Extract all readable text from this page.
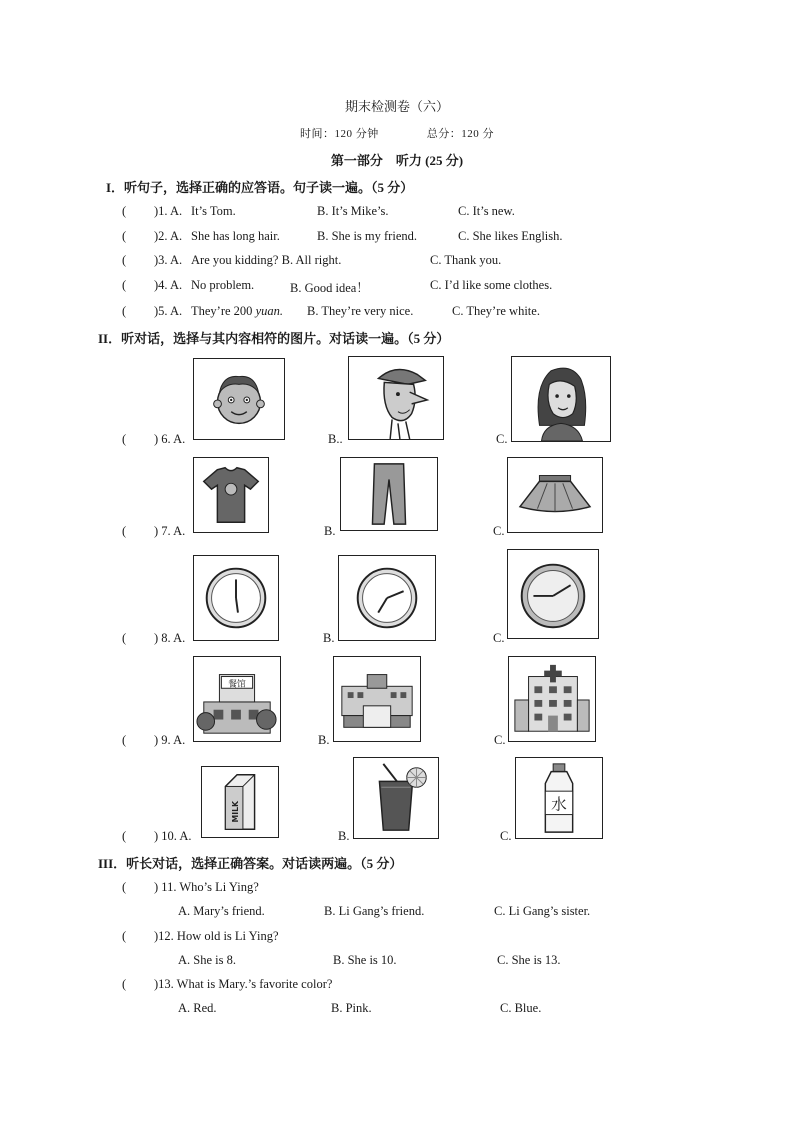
期末检测卷（六）
时间：120 分钟	总分：120 分
第一部分　听力 (25 分)
I．听句子，选择正确的应答语。句子读一遍。（5 分）
( )1. A. It’s Tom.	B. It’s Mike’s.	C. It’s new.
( )2. A. She has long hair.	B. She is my friend.	C. She likes English.
( )3. A. Are you kidding? B. All right.	C. Thank you.
( )4. A. No problem.	B. Good idea！	C. I’d like some clothes.
( )5. A. They’re 200 yuan. B. They’re very nice.	C. They’re white.
II．听对话，选择与其内容相符的图片。对话读一遍。（5 分）
( ) 6. A.	B..	C.
( ) 7. A.	B.	C.
( ) 8. A.	B.	C.
( ) 9. A.
餐馆
B.	C.
( ) 10. A.
MILK
B.	C.
水
III．听长对话，选择正确答案。对话读两遍。（5 分）
( ) 11. Who’s Li Ying?
A. Mary’s friend.	B. Li Gang’s friend.	C. Li Gang’s sister.
( )12. How old is Li Ying?
A. She is 8.	B. She is 10.	C. She is 13.
( )13. What is Mary.’s favorite color?
A. Red.	B. Pink.	C. Blue.
